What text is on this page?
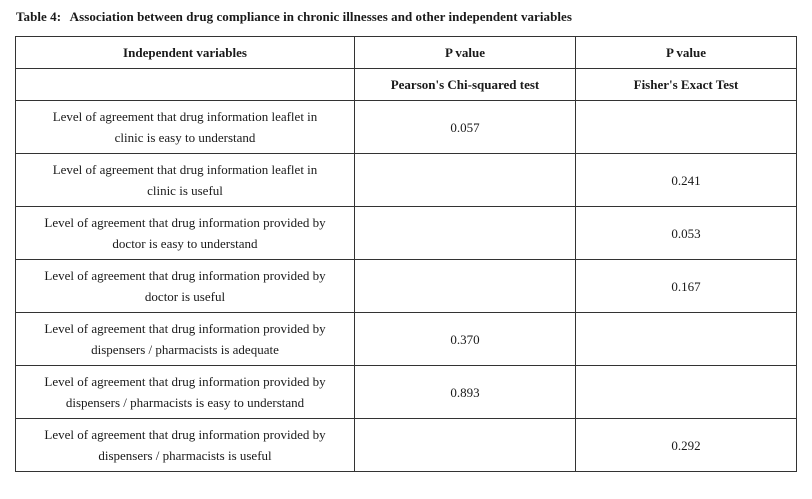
Table 4: Association between drug compliance in chronic illnesses and other independent variables
Independent variables	P value	P value
	Pearson's Chi-squared test	Fisher's Exact Test
Level of agreement that drug information leaflet in
clinic is easy to understand	0.057	
Level of agreement that drug information leaflet in
clinic is useful		0.241
Level of agreement that drug information provided by
doctor is easy to understand		0.053
Level of agreement that drug information provided by
doctor is useful		0.167
Level of agreement that drug information provided by
dispensers / pharmacists is adequate	0.370	
Level of agreement that drug information provided by
dispensers / pharmacists is easy to understand	0.893	
Level of agreement that drug information provided by
dispensers / pharmacists is useful		0.292
